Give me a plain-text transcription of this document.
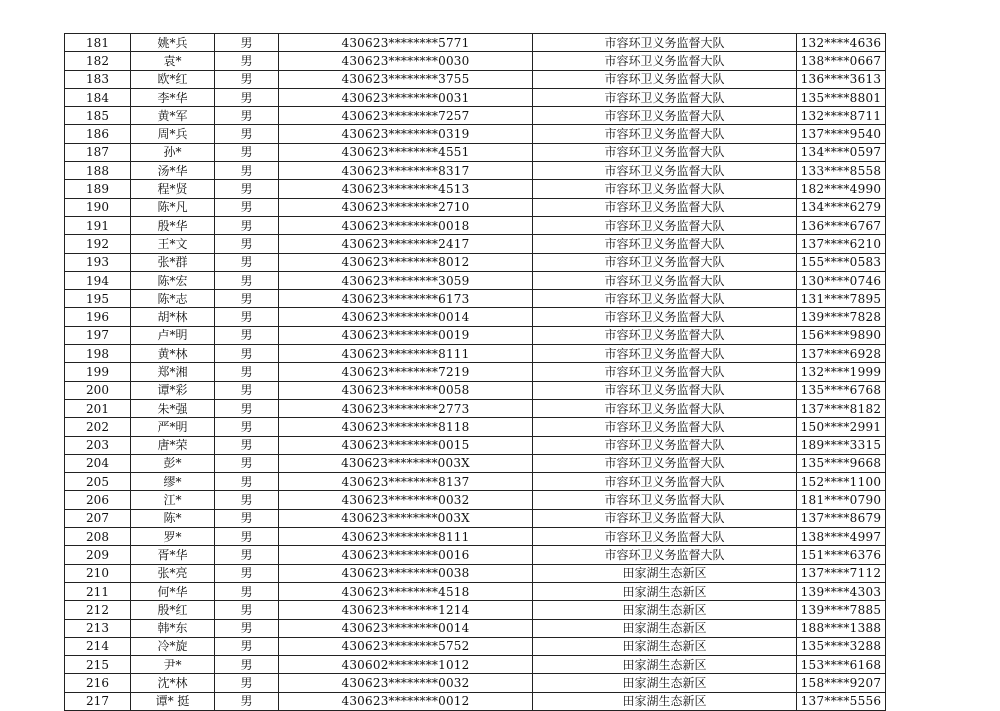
181	姚*兵	男	430623********5771	市容环卫义务监督大队	132****4636
182	袁*	男	430623********0030	市容环卫义务监督大队	138****0667
183	欧*红	男	430623********3755	市容环卫义务监督大队	136****3613
184	李*华	男	430623********0031	市容环卫义务监督大队	135****8801
185	黄*军	男	430623********7257	市容环卫义务监督大队	132****8711
186	周*兵	男	430623********0319	市容环卫义务监督大队	137****9540
187	孙*	男	430623********4551	市容环卫义务监督大队	134****0597
188	汤*华	男	430623********8317	市容环卫义务监督大队	133****8558
189	程*贤	男	430623********4513	市容环卫义务监督大队	182****4990
190	陈*凡	男	430623********2710	市容环卫义务监督大队	134****6279
191	殷*华	男	430623********0018	市容环卫义务监督大队	136****6767
192	王*文	男	430623********2417	市容环卫义务监督大队	137****6210
193	张*群	男	430623********8012	市容环卫义务监督大队	155****0583
194	陈*宏	男	430623********3059	市容环卫义务监督大队	130****0746
195	陈*志	男	430623********6173	市容环卫义务监督大队	131****7895
196	胡*林	男	430623********0014	市容环卫义务监督大队	139****7828
197	卢*明	男	430623********0019	市容环卫义务监督大队	156****9890
198	黄*林	男	430623********8111	市容环卫义务监督大队	137****6928
199	郑*湘	男	430623********7219	市容环卫义务监督大队	132****1999
200	谭*彩	男	430623********0058	市容环卫义务监督大队	135****6768
201	朱*强	男	430623********2773	市容环卫义务监督大队	137****8182
202	严*明	男	430623********8118	市容环卫义务监督大队	150****2991
203	唐*荣	男	430623********0015	市容环卫义务监督大队	189****3315
204	彭*	男	430623********003X	市容环卫义务监督大队	135****9668
205	缪*	男	430623********8137	市容环卫义务监督大队	152****1100
206	江*	男	430623********0032	市容环卫义务监督大队	181****0790
207	陈*	男	430623********003X	市容环卫义务监督大队	137****8679
208	罗*	男	430623********8111	市容环卫义务监督大队	138****4997
209	胥*华	男	430623********0016	市容环卫义务监督大队	151****6376
210	张*亮	男	430623********0038	田家湖生态新区	137****7112
211	何*华	男	430623********4518	田家湖生态新区	139****4303
212	殷*红	男	430623********1214	田家湖生态新区	139****7885
213	韩*东	男	430623********0014	田家湖生态新区	188****1388
214	冷*旋	男	430623********5752	田家湖生态新区	135****3288
215	尹*	男	430602********1012	田家湖生态新区	153****6168
216	沈*林	男	430623********0032	田家湖生态新区	158****9207
217	谭* 挺	男	430623********0012	田家湖生态新区	137****5556
